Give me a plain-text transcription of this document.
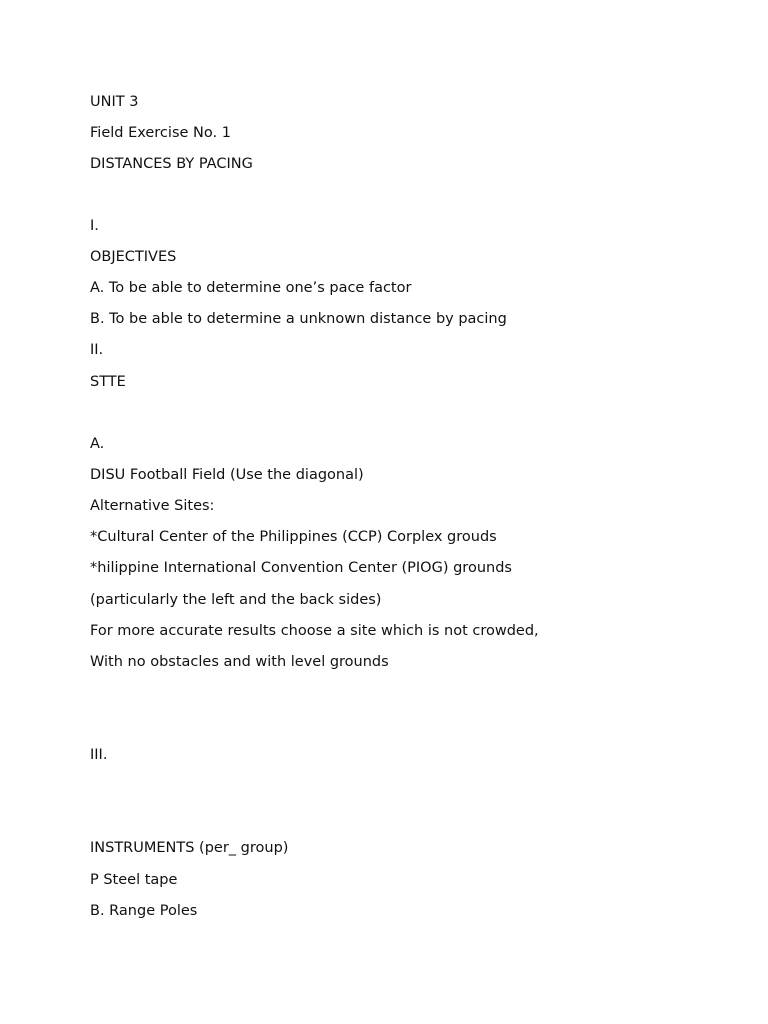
UNIT 3
Field Exercise No. 1
DISTANCES BY PACING
I.
OBJECTIVES
A. To be able to determine one’s pace factor
B. To be able to determine a unknown distance by pacing
II.
STTE
A.
DISU Football Field (Use the diagonal)
Alternative Sites:
*Cultural Center of the Philippines (CCP) Corplex grouds
*hilippine International Convention Center (PIOG) grounds
(particularly the left and the back sides)
For more accurate results choose a site which is not crowded,
With no obstacles and with level grounds
III.
INSTRUMENTS (per_ group)
P Steel tape
B. Range Poles
